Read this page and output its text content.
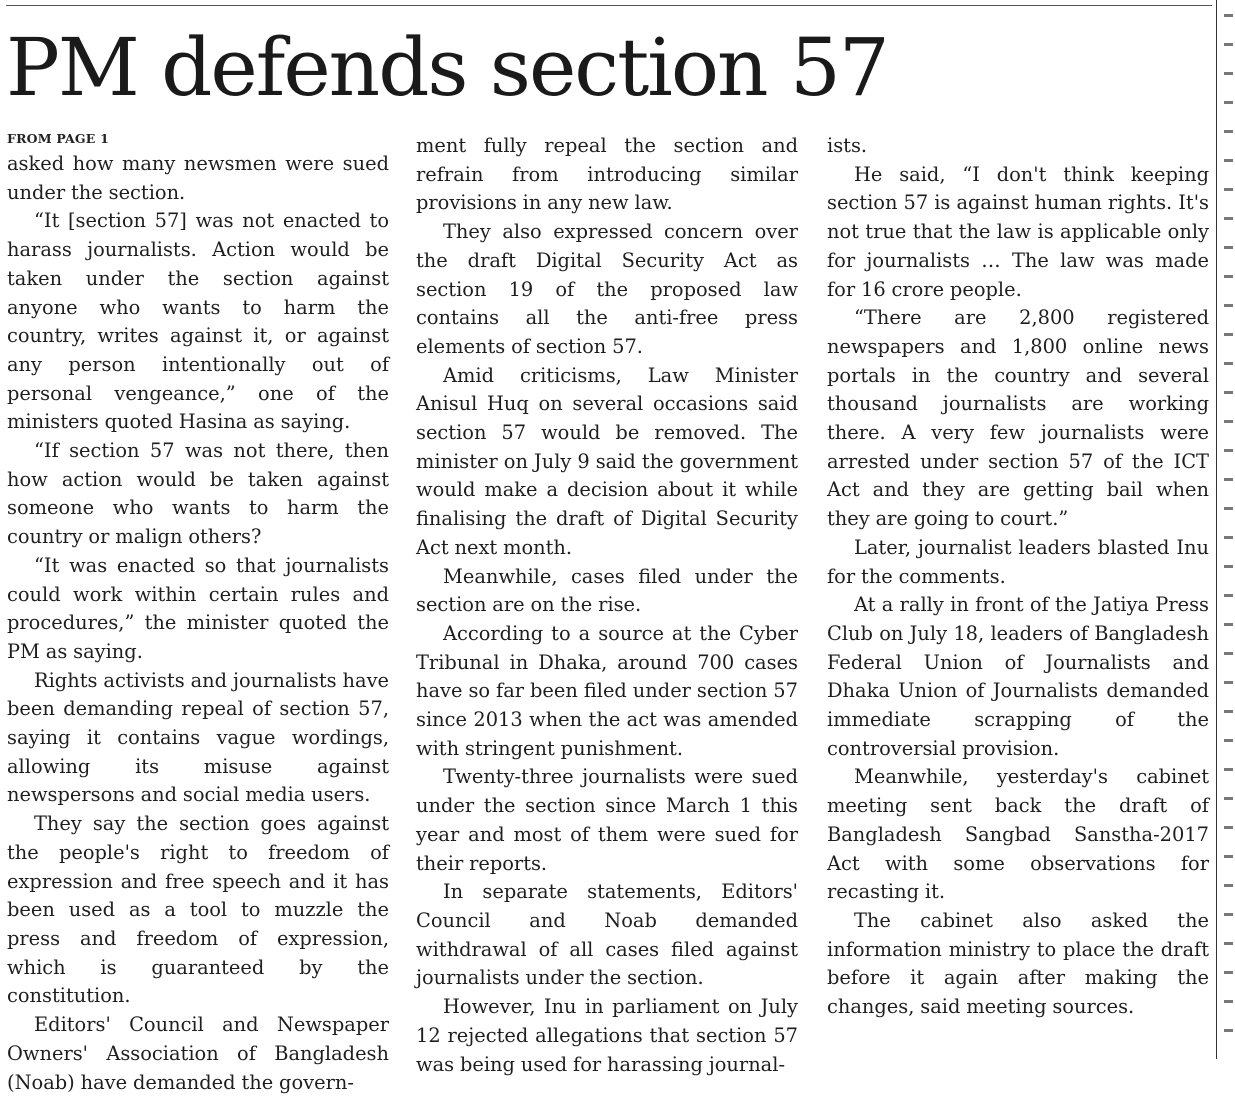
PM defends section 57
FROM PAGE 1

asked how many newsmen were sued under the section.

“It [section 57] was not enacted to harass journalists. Action would be taken under the section against anyone who wants to harm the country, writes against it, or against any person intentionally out of personal vengeance,” one of the ministers quoted Hasina as saying.

“If section 57 was not there, then how action would be taken against someone who wants to harm the country or malign others?

“It was enacted so that journalists could work within certain rules and procedures,” the minister quoted the PM as saying.

Rights activists and journalists have been demanding repeal of section 57, saying it contains vague wordings, allowing its misuse against newspersons and social media users.

They say the section goes against the people's right to freedom of expression and free speech and it has been used as a tool to muzzle the press and freedom of expression, which is guaranteed by the constitution.

Editors' Council and Newspaper Owners' Association of Bangladesh (Noab) have demanded the govern-

ment fully repeal the section and refrain from introducing similar provisions in any new law.

They also expressed concern over the draft Digital Security Act as section 19 of the proposed law contains all the anti-free press elements of section 57.

Amid criticisms, Law Minister Anisul Huq on several occasions said section 57 would be removed. The minister on July 9 said the government would make a decision about it while finalising the draft of Digital Security Act next month.

Meanwhile, cases filed under the section are on the rise.

According to a source at the Cyber Tribunal in Dhaka, around 700 cases have so far been filed under section 57 since 2013 when the act was amended with stringent punishment.

Twenty-three journalists were sued under the section since March 1 this year and most of them were sued for their reports.

In separate statements, Editors' Council and Noab demanded withdrawal of all cases filed against journalists under the section.

However, Inu in parliament on July 12 rejected allegations that section 57 was being used for harassing journal-

ists.

He said, “I don't think keeping section 57 is against human rights. It's not true that the law is applicable only for journalists … The law was made for 16 crore people.

“There are 2,800 registered newspapers and 1,800 online news portals in the country and several thousand journalists are working there. A very few journalists were arrested under section 57 of the ICT Act and they are getting bail when they are going to court.”

Later, journalist leaders blasted Inu for the comments.

At a rally in front of the Jatiya Press Club on July 18, leaders of Bangladesh Federal Union of Journalists and Dhaka Union of Journalists demanded immediate scrapping of the controversial provision.

Meanwhile, yesterday's cabinet meeting sent back the draft of Bangladesh Sangbad Sanstha-2017 Act with some observations for recasting it.

The cabinet also asked the information ministry to place the draft before it again after making the changes, said meeting sources.
